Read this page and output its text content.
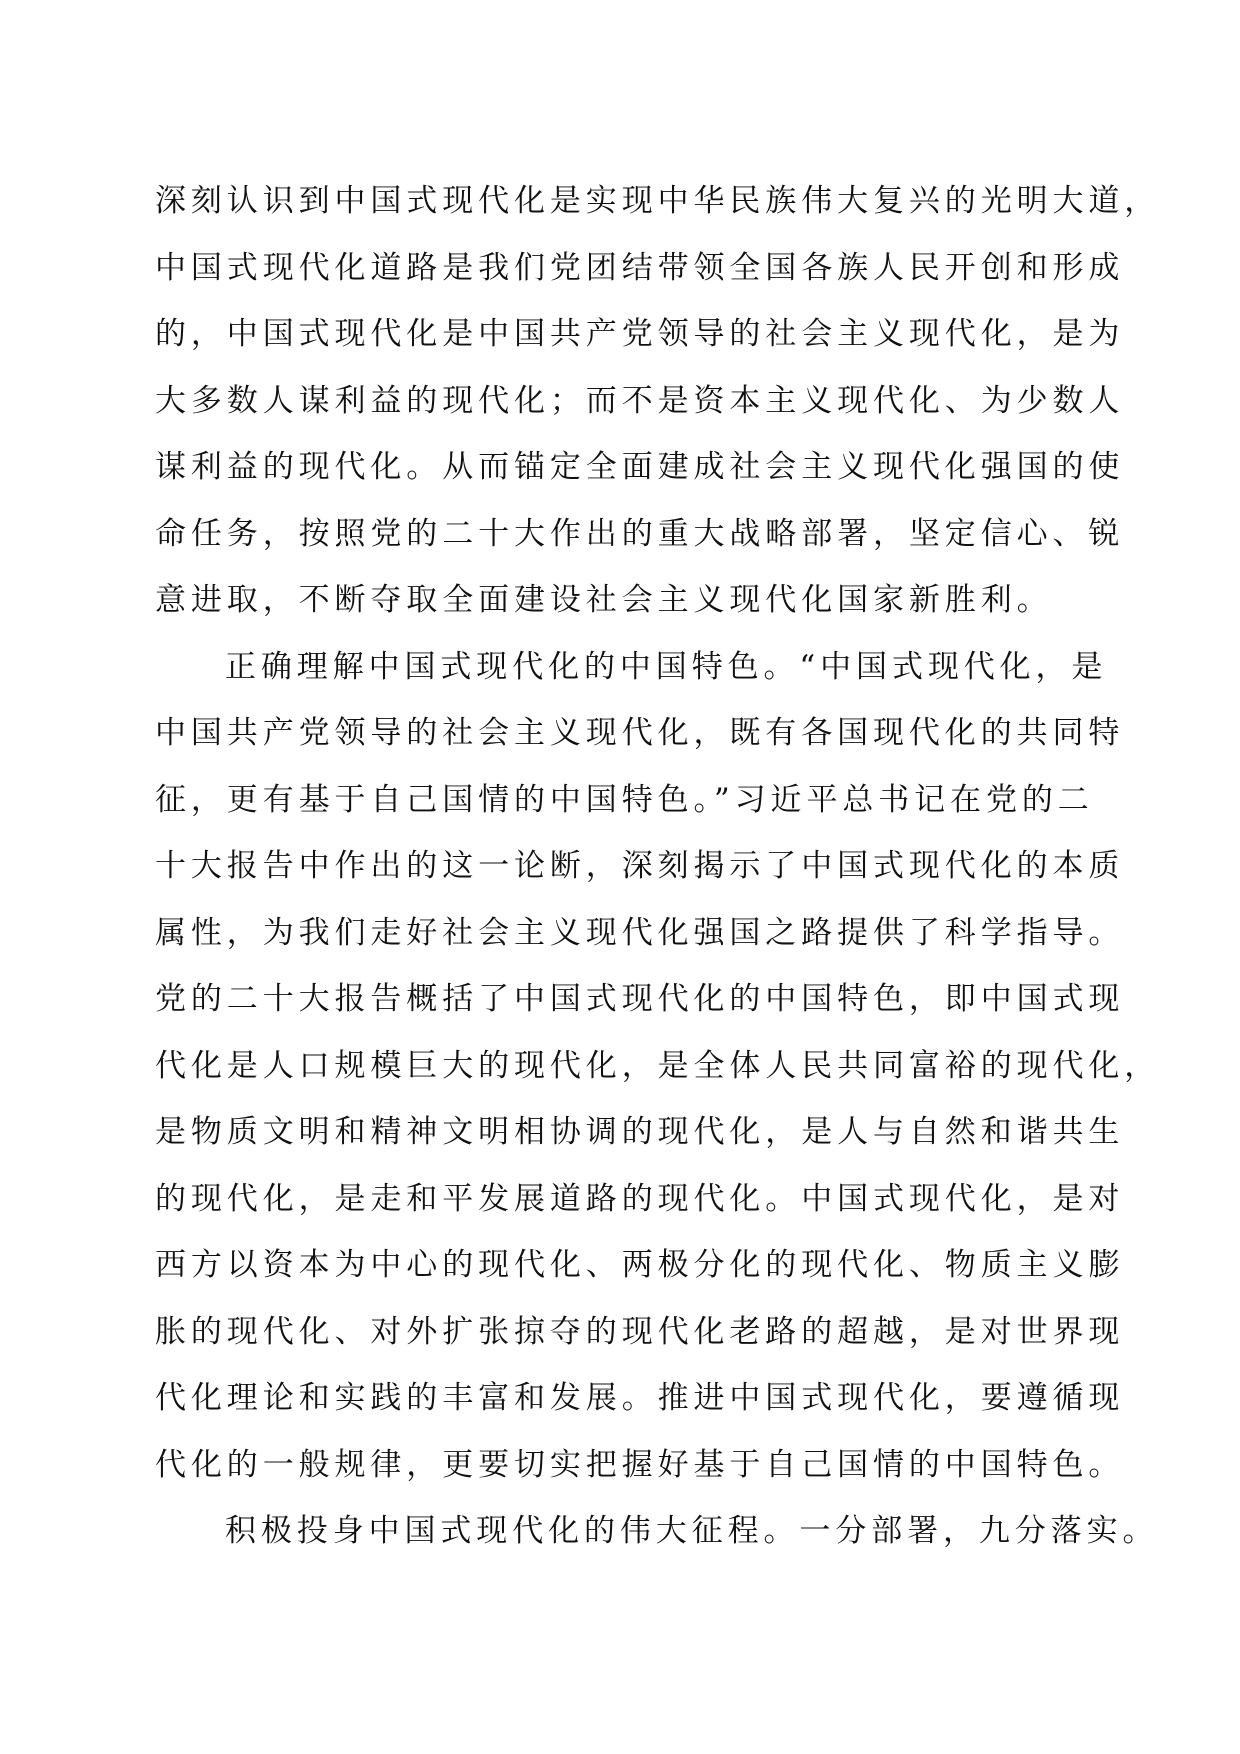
深刻认识到中国式现代化是实现中华民族伟大复兴的光明大道，
中国式现代化道路是我们党团结带领全国各族人民开创和形成
的，中国式现代化是中国共产党领导的社会主义现代化，是为
大多数人谋利益的现代化；而不是资本主义现代化、为少数人
谋利益的现代化。从而锚定全面建成社会主义现代化强国的使
命任务，按照党的二十大作出的重大战略部署，坚定信心、锐
意进取，不断夺取全面建设社会主义现代化国家新胜利。
正确理解中国式现代化的中国特色。“中国式现代化，是
中国共产党领导的社会主义现代化，既有各国现代化的共同特
征，更有基于自己国情的中国特色。”习近平总书记在党的二
十大报告中作出的这一论断，深刻揭示了中国式现代化的本质
属性，为我们走好社会主义现代化强国之路提供了科学指导。
党的二十大报告概括了中国式现代化的中国特色，即中国式现
代化是人口规模巨大的现代化，是全体人民共同富裕的现代化，
是物质文明和精神文明相协调的现代化，是人与自然和谐共生
的现代化，是走和平发展道路的现代化。中国式现代化，是对
西方以资本为中心的现代化、两极分化的现代化、物质主义膨
胀的现代化、对外扩张掠夺的现代化老路的超越，是对世界现
代化理论和实践的丰富和发展。推进中国式现代化，要遵循现
代化的一般规律，更要切实把握好基于自己国情的中国特色。
积极投身中国式现代化的伟大征程。一分部署，九分落实。
